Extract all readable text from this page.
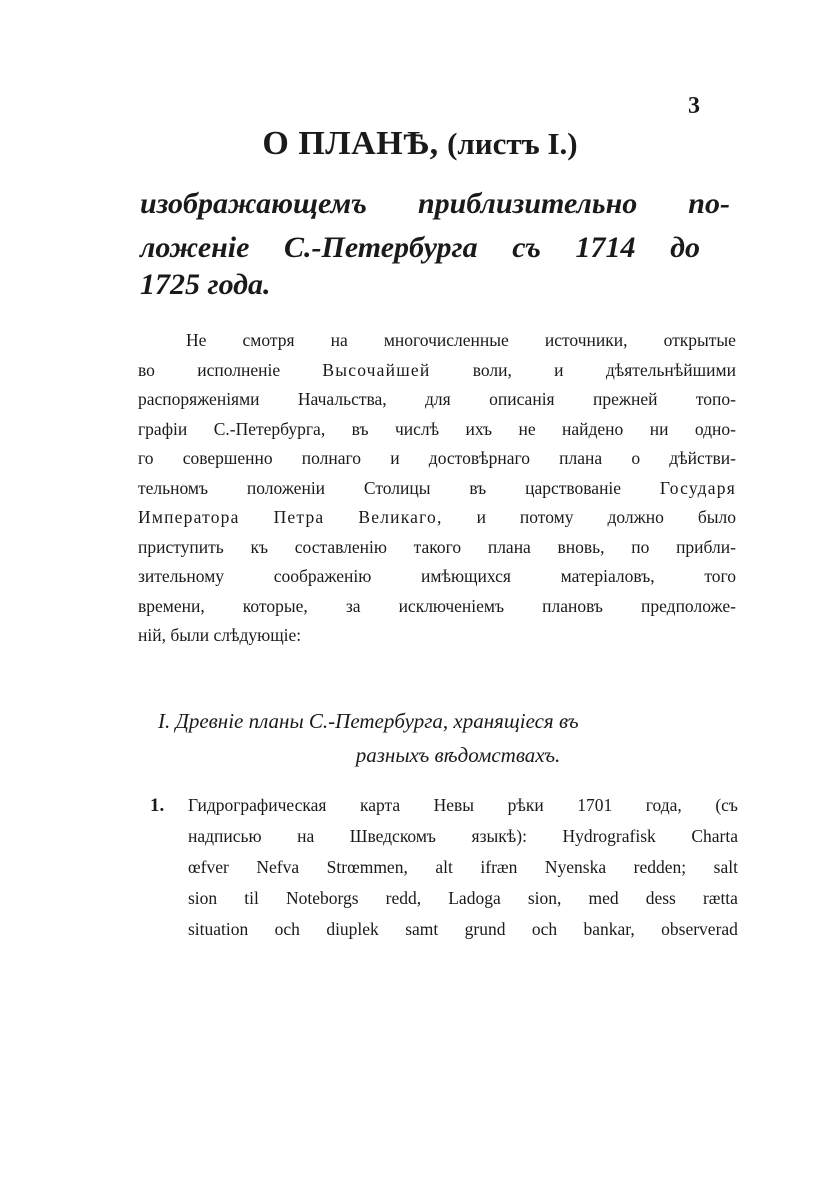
3
О ПЛАНѢ, (листъ I.)
изображающемъ приблизительно по-
ложеніе С.-Петербурга съ 1714 до
1725 года.
Не смотря на многочисленные источники, открытые
во исполненіе Высочайшей воли, и дѣятельнѣйшими
распоряженіями Начальства, для описанія прежней топо-
графіи С.-Петербурга, въ числѣ ихъ не найдено ни одно-
го совершенно полнаго и достовѣрнаго плана о дѣйстви-
тельномъ положеніи Столицы въ царствованіе Государя
Императора Петра Великаго, и потому должно было
приступить къ составленію такого плана вновь, по прибли-
зительному	соображенію	имѣющихся	матеріаловъ,	того
времени, которые, за исключеніемъ плановъ предположе-
ній, были слѣдующіе:
I. Древніе планы С.-Петербурга, хранящіеся въ
разныхъ вѣдомствахъ.
1. Гидрографическая карта Невы рѣки 1701 года, (съ
надписью на Шведскомъ языкѣ): Hydrografisk Charta
œfver Nefva Strœmmen, alt ifræn Nyenska redden; salt
sion til Noteborgs redd, Ladoga sion, med dess rætta
situation och diuplek samt grund och bankar, observerad
